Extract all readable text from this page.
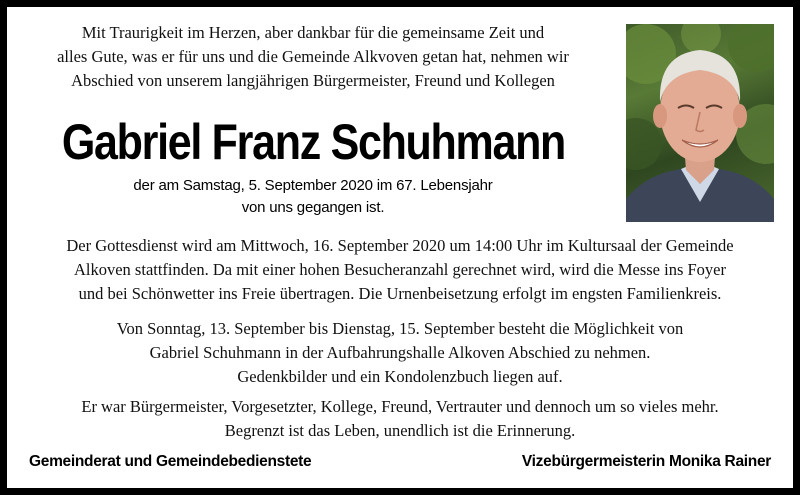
Mit Traurigkeit im Herzen, aber dankbar für die gemeinsame Zeit und
alles Gute, was er für uns und die Gemeinde Alkvoven getan hat, nehmen wir
Abschied von unserem langjährigen Bürgermeister, Freund und Kollegen
Gabriel Franz Schuhmann
der am Samstag, 5. September 2020 im 67. Lebensjahr
von uns gegangen ist.
Der Gottesdienst wird am Mittwoch, 16. September 2020 um 14:00 Uhr im Kultursaal der Gemeinde
Alkoven stattfinden. Da mit einer hohen Besucheranzahl gerechnet wird, wird die Messe ins Foyer
und bei Schönwetter ins Freie übertragen. Die Urnenbeisetzung erfolgt im engsten Familienkreis.
Von Sonntag, 13. September bis Dienstag, 15. September besteht die Möglichkeit von
Gabriel Schuhmann in der Aufbahrungshalle Alkoven Abschied zu nehmen.
Gedenkbilder und ein Kondolenzbuch liegen auf.
Er war Bürgermeister, Vorgesetzter, Kollege, Freund, Vertrauter und dennoch um so vieles mehr.
Begrenzt ist das Leben, unendlich ist die Erinnerung.
Gemeinderat und Gemeindebedienstete	Vizebürgermeisterin Monika Rainer
